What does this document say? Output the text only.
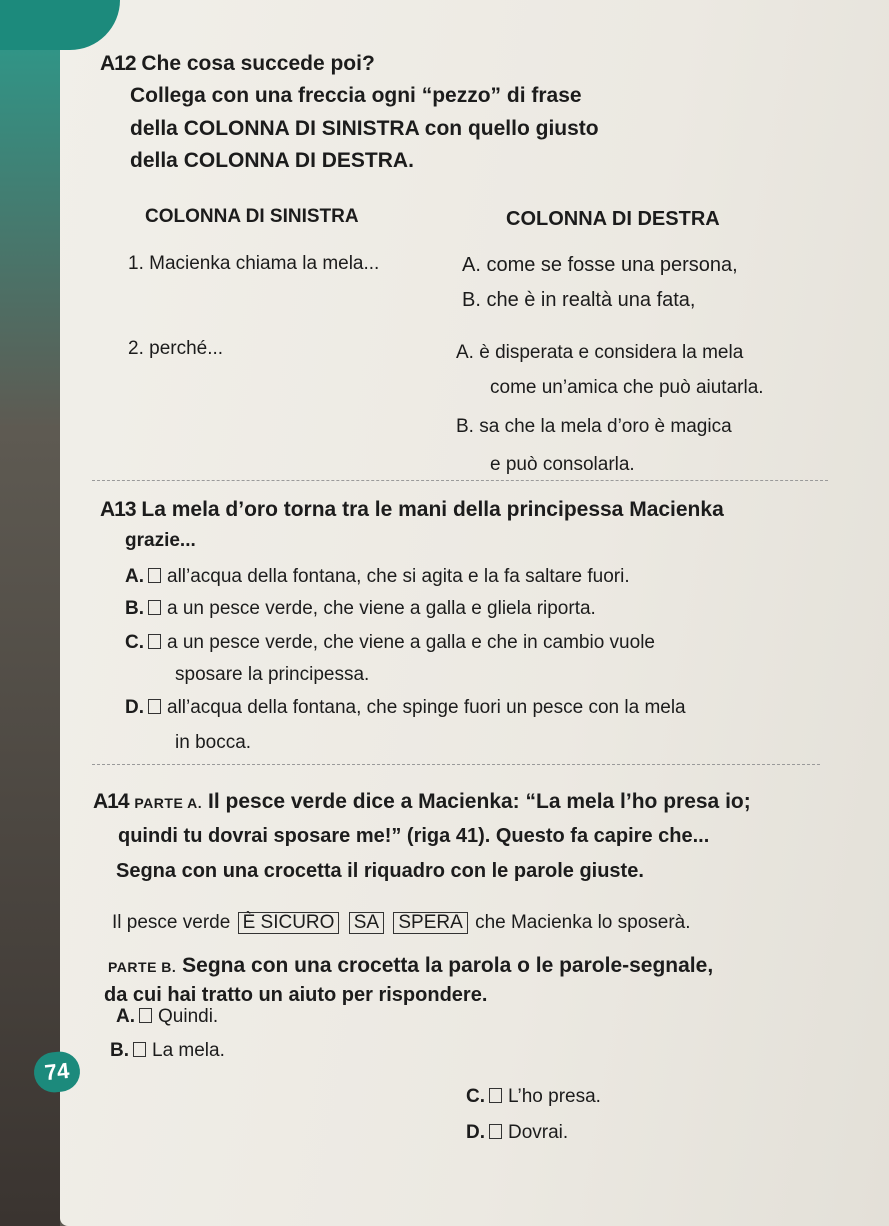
A12 Che cosa succede poi?
Collega con una freccia ogni “pezzo” di frase
della COLONNA DI SINISTRA con quello giusto
della COLONNA DI DESTRA.
COLONNA DI SINISTRA	COLONNA DI DESTRA
1. Macienka chiama la mela...	A. come se fosse una persona,
B. che è in realtà una fata,
2. perché...	A. è disperata e considera la mela
come un’amica che può aiutarla.
B. sa che la mela d’oro è magica
e può consolarla.
A13 La mela d’oro torna tra le mani della principessa Macienka
grazie...
A. all’acqua della fontana, che si agita e la fa saltare fuori.
B. a un pesce verde, che viene a galla e gliela riporta.
C. a un pesce verde, che viene a galla e che in cambio vuole
sposare la principessa.
D. all’acqua della fontana, che spinge fuori un pesce con la mela
in bocca.
A14 PARTE A. Il pesce verde dice a Macienka: “La mela l’ho presa io;
quindi tu dovrai sposare me!” (riga 41). Questo fa capire che...
Segna con una crocetta il riquadro con le parole giuste.
Il pesce verde È SICURO SA SPERA che Macienka lo sposerà.
PARTE B. Segna con una crocetta la parola o le parole-segnale,
da cui hai tratto un aiuto per rispondere.
A. Quindi.
B. La mela.
C. L’ho presa.
D. Dovrai.
74
